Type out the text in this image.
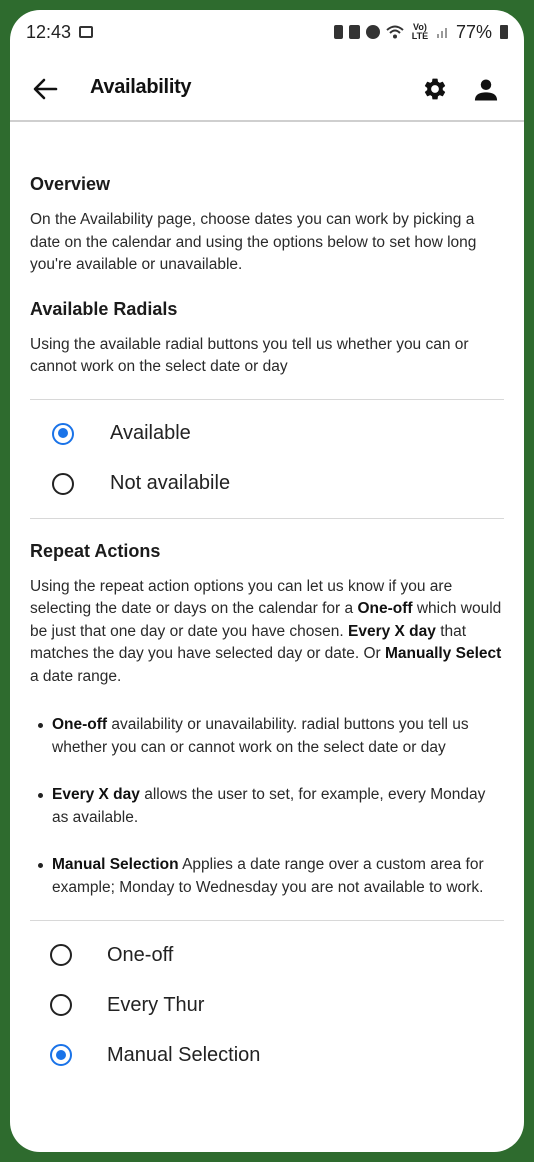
12:43	Vo) LTE 77%
Availability
Overview

On the Availability page, choose dates you can work by picking a date on the calendar and using the options below to set how long you're available or unavailable.

Available Radials

Using the available radial buttons you tell us whether you can or cannot work on the select date or day

Available
Not availabile
Repeat Actions

Using the repeat action options you can let us know if you are selecting the date or days on the calendar for a One-off which would be just that one day or date you have chosen. Every X day that matches the day you have selected day or date. Or Manually Select a date range.

One-off availability or unavailability. radial buttons you tell us whether you can or cannot work on the select date or day
Every X day allows the user to set, for example, every Monday as available.
Manual Selection Applies a date range over a custom area for example; Monday to Wednesday you are not available to work.
One-off
Every Thur
Manual Selection
